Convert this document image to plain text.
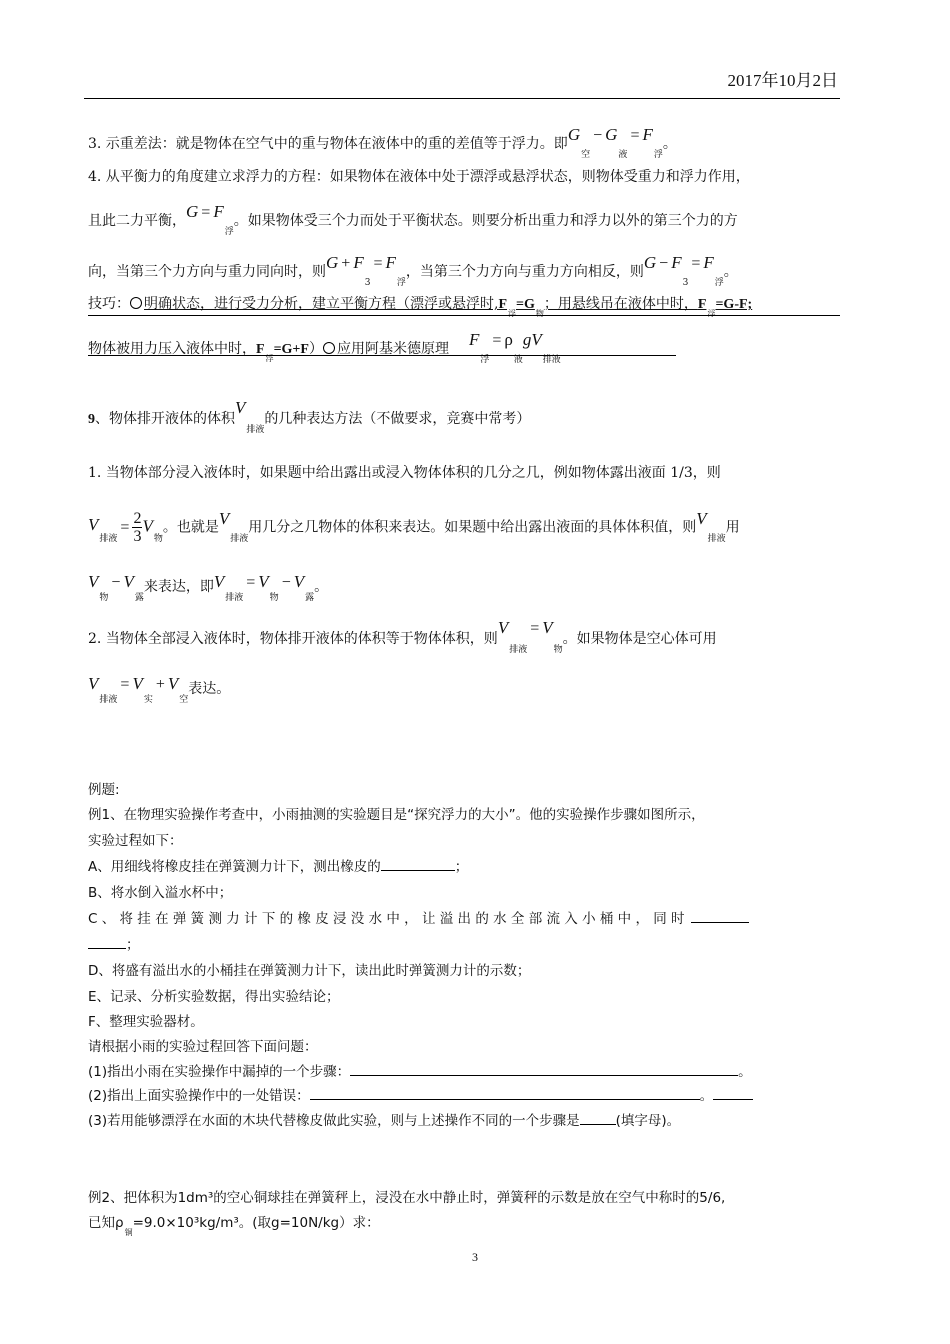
2017年10月2日
3. 示重差法：就是物体在空气中的重与物体在液体中的重的差值等于浮力。即$G_空- G_液= F_浮$。
4. 从平衡力的角度建立求浮力的方程：如果物体在液体中处于漂浮或悬浮状态，则物体受重力和浮力作用，
且此二力平衡，$G = F_浮$。如果物体受三个力而处于平衡状态。则要分析出重力和浮力以外的第三个力的方
向，当第三个力方向与重力同向时，则$G + F_3= F_浮$，当第三个力方向与重力方向相反，则$G - F_3= F_浮$。
技巧： 明确状态，进行受力分析，建立平衡方程（漂浮或悬浮时$,F_浮=G_物$；用悬线吊在液体中时，$F_浮=G-F$;
物体被用力压入液体中时，$F_浮=G+F$） 应用阿基米德原理 $F_浮= \rho_液gV_{排液}$
9、物体排开液体的体积$V_{排液}$的几种表达方法（不做要求，竞赛中常考）
1. 当物体部分浸入液体时，如果题中给出露出或浸入物体体积的几分之几，例如物体露出液面 1/3，则
$V_{排液}= \frac{2}{3} V_物$。也就是$V_{排液}$用几分之几物体的体积来表达。如果题中给出露出液面的具体体积值，则$V_{排液}$用
$V_物- V_露$来表达，即$V_{排液}= V_物- V_露$。
2. 当物体全部浸入液体时，物体排开液体的体积等于物体体积，则$V_{排液}= V_物$。如果物体是空心体可用
$V_{排液}= V_实+ V_空$表达。
例题:
例1、在物理实验操作考查中，小雨抽测的实验题目是“探究浮力的大小”。他的实验操作步骤如图所示，
实验过程如下：
A、用细线将橡皮挂在弹簧测力计下，测出橡皮的	；
B、将水倒入溢水杯中；
C 、 将 挂 在 弹 簧 测 力 计 下 的 橡 皮 浸 没 水 中 ， 让 溢 出 的 水 全 部 流 入 小 桶 中 ， 同 时
；
D、将盛有溢出水的小桶挂在弹簧测力计下，读出此时弹簧测力计的示数；
E、记录、分析实验数据，得出实验结论；
F、整理实验器材。
请根据小雨的实验过程回答下面问题：
(1)指出小雨在实验操作中漏掉的一个步骤：	。
(2)指出上面实验操作中的一处错误：	。
(3)若用能够漂浮在水面的木块代替橡皮做此实验，则与上述操作不同的一个步骤是	(填字母)。
例2、把体积为1dm³的空心铜球挂在弹簧秤上，浸没在水中静止时，弹簧秤的示数是放在空气中称时的5/6,
已知$\rho_铜=9.0\times 10^3kg/m^3$。(取g=10N/kg）求：
3
